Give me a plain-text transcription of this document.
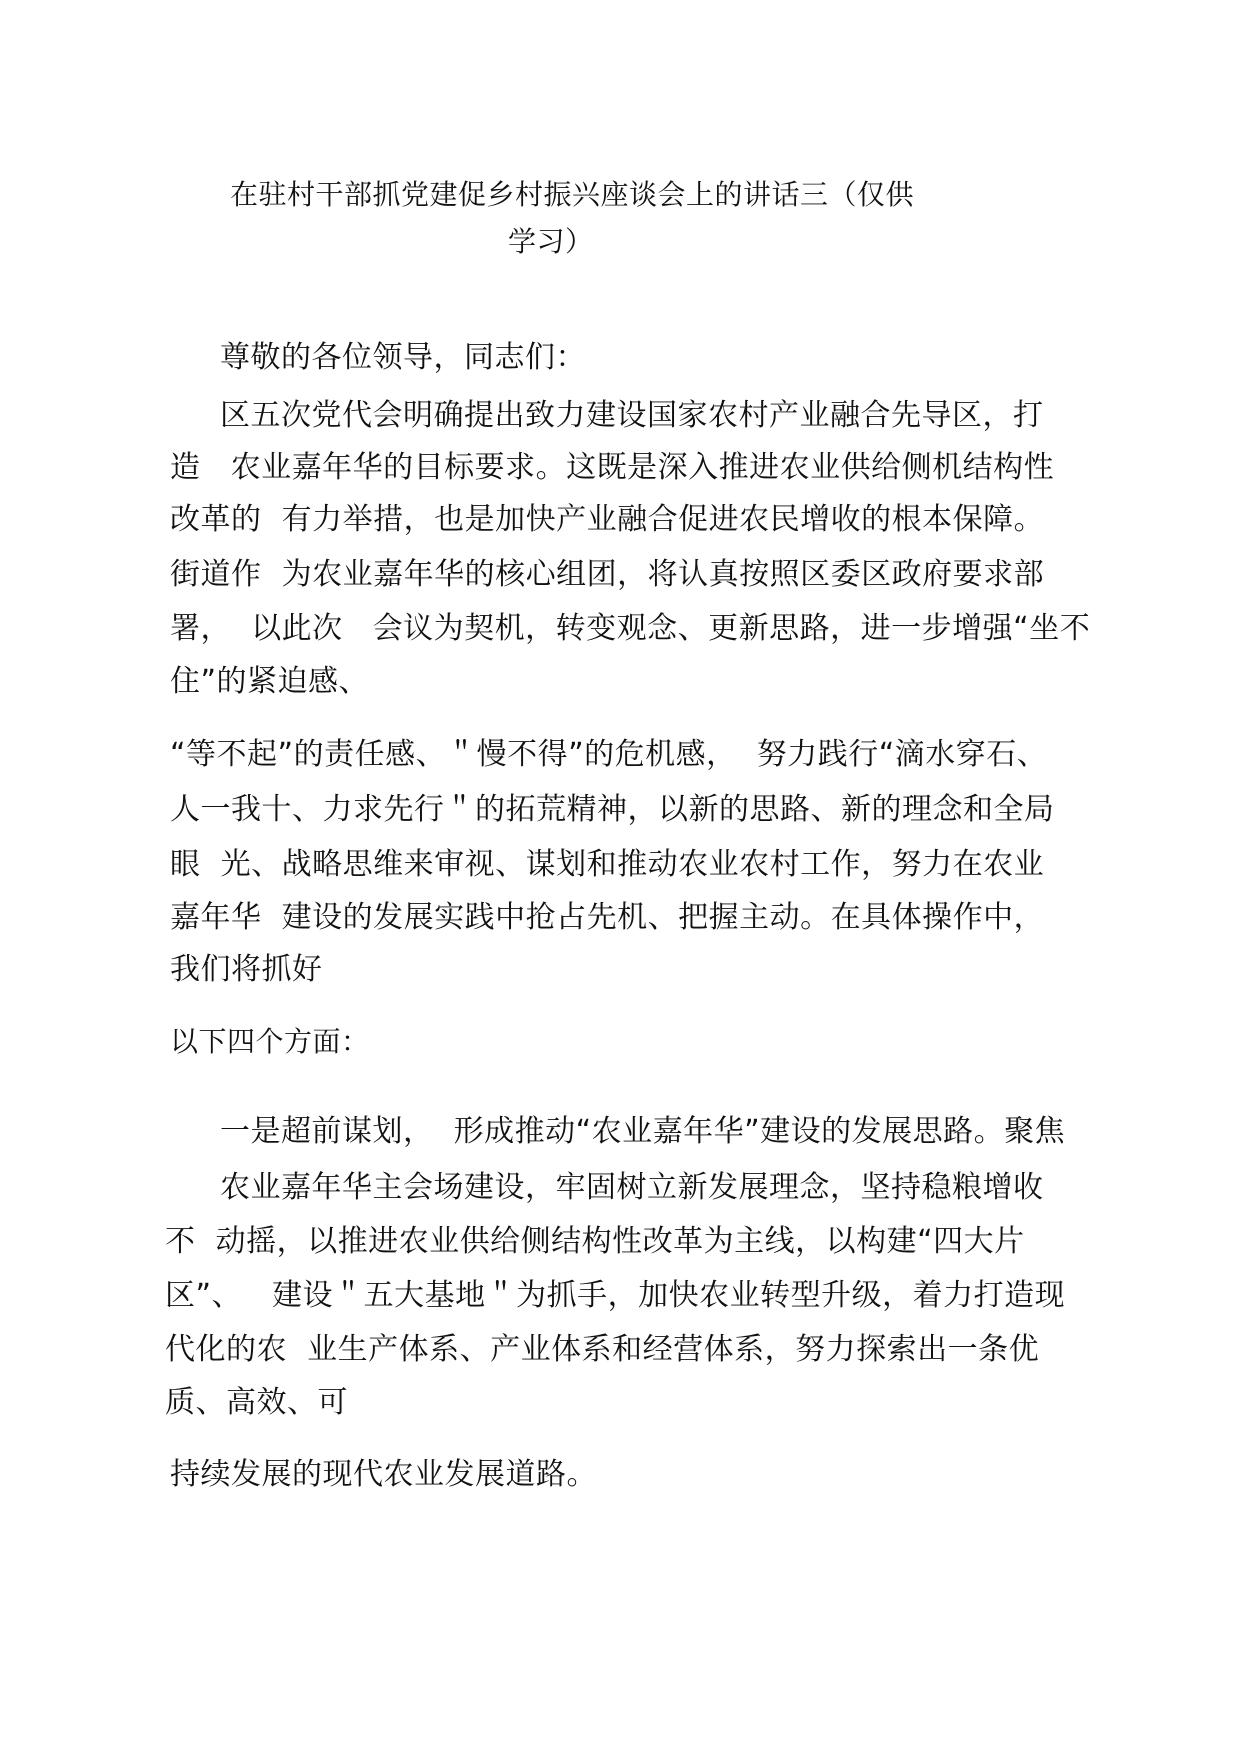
在驻村干部抓党建促乡村振兴座谈会上的讲话三（仅供
学习）
尊敬的各位领导，同志们：
区五次党代会明确提出致力建设国家农村产业融合先导区，打
造   农业嘉年华的目标要求。这既是深入推进农业供给侧机结构性
改革的  有力举措，也是加快产业融合促进农民增收的根本保障。
街道作  为农业嘉年华的核心组团，将认真按照区委区政府要求部
署，  以此次   会议为契机，转变观念、更新思路，进一步增强“坐不
住”的紧迫感、
“等不起”的责任感、＂慢不得”的危机感，  努力践行“滴水穿石、
人一我十、力求先行＂的拓荒精神，以新的思路、新的理念和全局
眼  光、战略思维来审视、谋划和推动农业农村工作，努力在农业
嘉年华  建设的发展实践中抢占先机、把握主动。在具体操作中，
我们将抓好
以下四个方面：
一是超前谋划，  形成推动“农业嘉年华”建设的发展思路。聚焦
农业嘉年华主会场建设，牢固树立新发展理念，坚持稳粮增收
不  动摇，以推进农业供给侧结构性改革为主线，以构建“四大片
区”、   建设＂五大基地＂为抓手，加快农业转型升级，着力打造现
代化的农  业生产体系、产业体系和经营体系，努力探索出一条优
质、高效、可
持续发展的现代农业发展道路。
